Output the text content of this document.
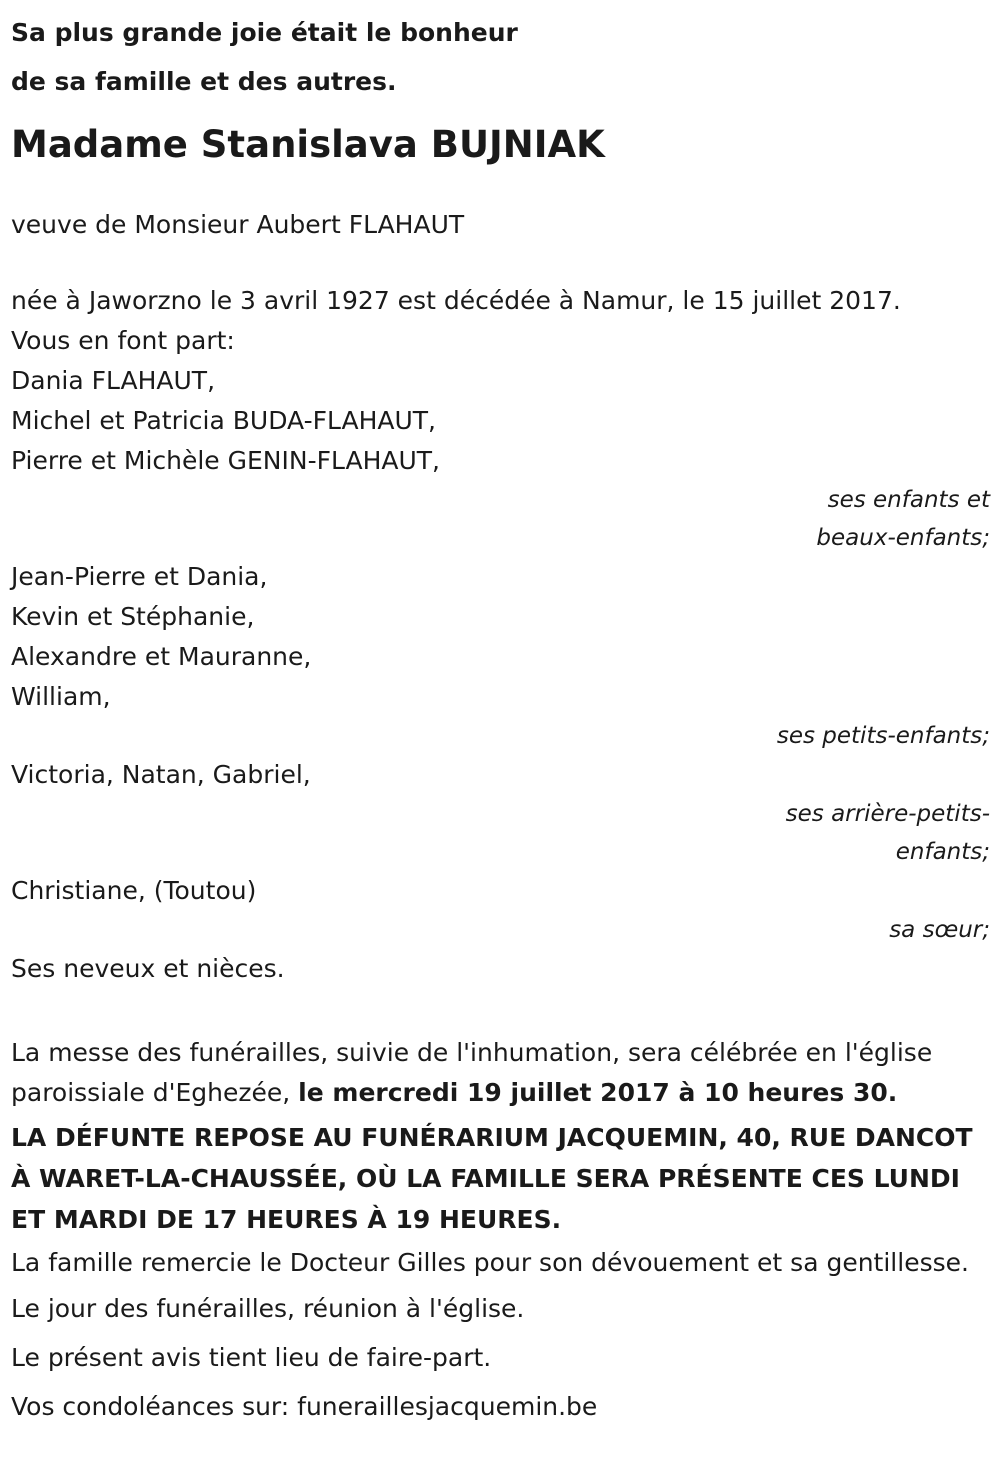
Sa plus grande joie était le bonheur
de sa famille et des autres.
Madame Stanislava BUJNIAK

veuve de Monsieur Aubert FLAHAUT

née à Jaworzno le 3 avril 1927 est décédée à Namur, le 15 juillet 2017.

Vous en font part:
Dania FLAHAUT,
Michel et Patricia BUDA-FLAHAUT,
Pierre et Michèle GENIN-FLAHAUT,
ses enfants et
beaux-enfants;
Jean-Pierre et Dania,
Kevin et Stéphanie,
Alexandre et Mauranne,
William,
ses petits-enfants;
Victoria, Natan, Gabriel,
ses arrière-petits-
enfants;
Christiane, (Toutou)
sa sœur;
Ses neveux et nièces.

La messe des funérailles, suivie de l'inhumation, sera célébrée en l'église paroissiale d'Eghezée, le mercredi 19 juillet 2017 à 10 heures 30.

LA DÉFUNTE REPOSE AU FUNÉRARIUM JACQUEMIN, 40, RUE DANCOT À WARET-LA-CHAUSSÉE, OÙ LA FAMILLE SERA PRÉSENTE CES LUNDI ET MARDI DE 17 HEURES À 19 HEURES.

La famille remercie le Docteur Gilles pour son dévouement et sa gentillesse.

Le jour des funérailles, réunion à l'église.

Le présent avis tient lieu de faire-part.

Vos condoléances sur: funeraillesjacquemin.be
